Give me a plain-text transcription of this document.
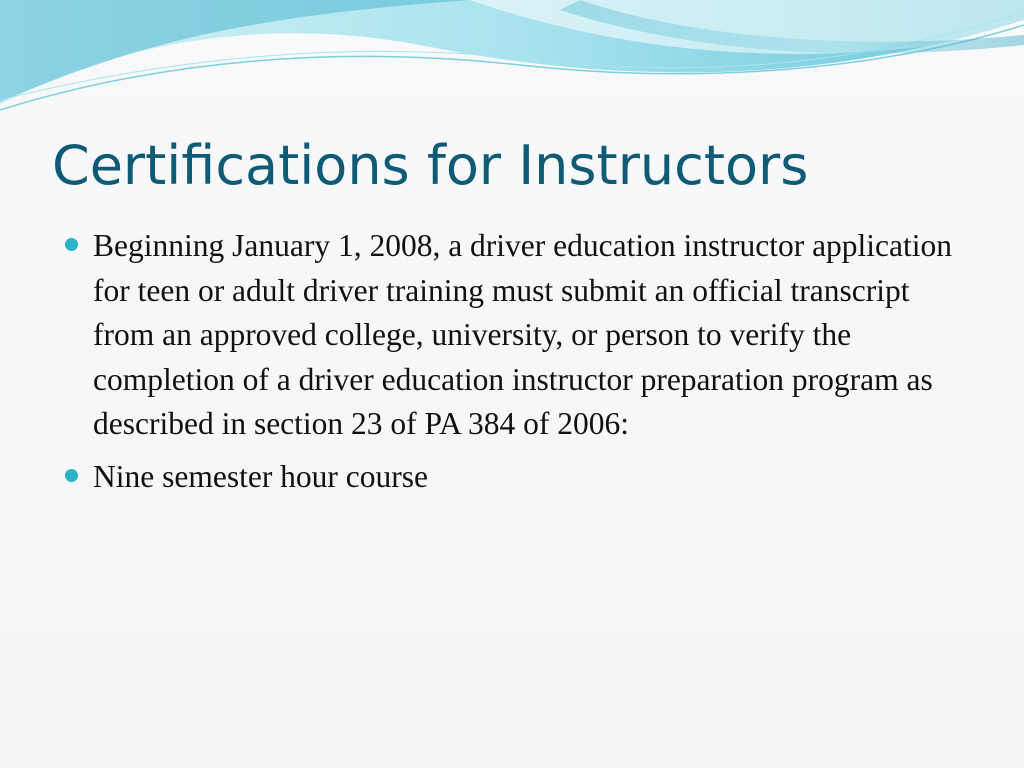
Certifications for Instructors
Beginning January 1, 2008, a driver education instructor application for teen or adult driver training must submit an official transcript from an approved college, university, or person to verify the completion of a driver education instructor preparation program as described in section 23 of PA 384 of 2006:
Nine semester hour course
